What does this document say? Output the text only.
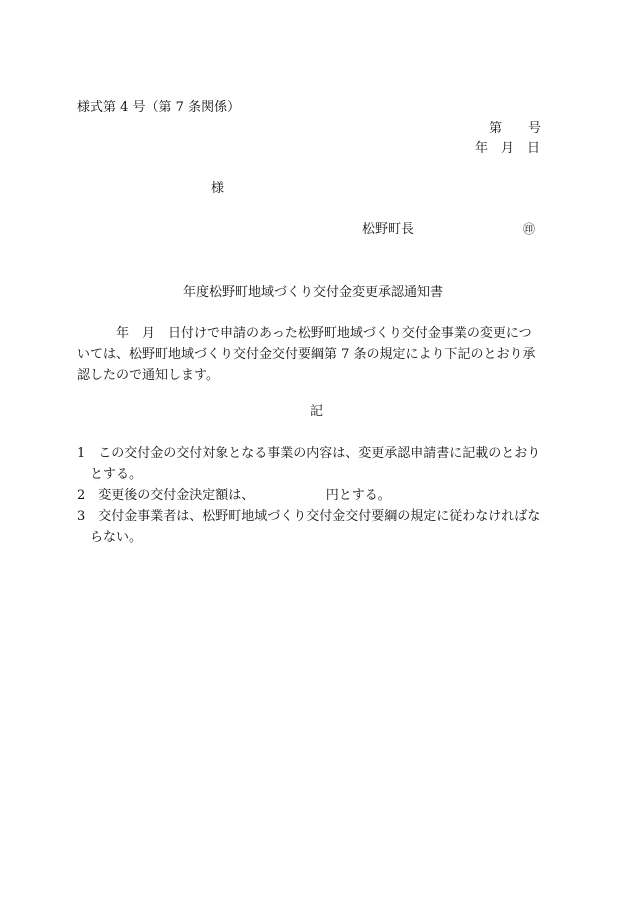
様式第 4 号（第 7 条関係）
第　　号
年　月　日
様
松野町長	㊞
年度松野町地域づくり交付金変更承認通知書
　　　年　月　日付けで申請のあった松野町地域づくり交付金事業の変更につ
いては、松野町地域づくり交付金交付要綱第 7 条の規定により下記のとおり承
認したので通知します。
記
1　この交付金の交付対象となる事業の内容は、変更承認申請書に記載のとおり
　とする。
2　変更後の交付金決定額は、　　　　　　円とする。
3　交付金事業者は、松野町地域づくり交付金交付要綱の規定に従わなければな
　らない。
